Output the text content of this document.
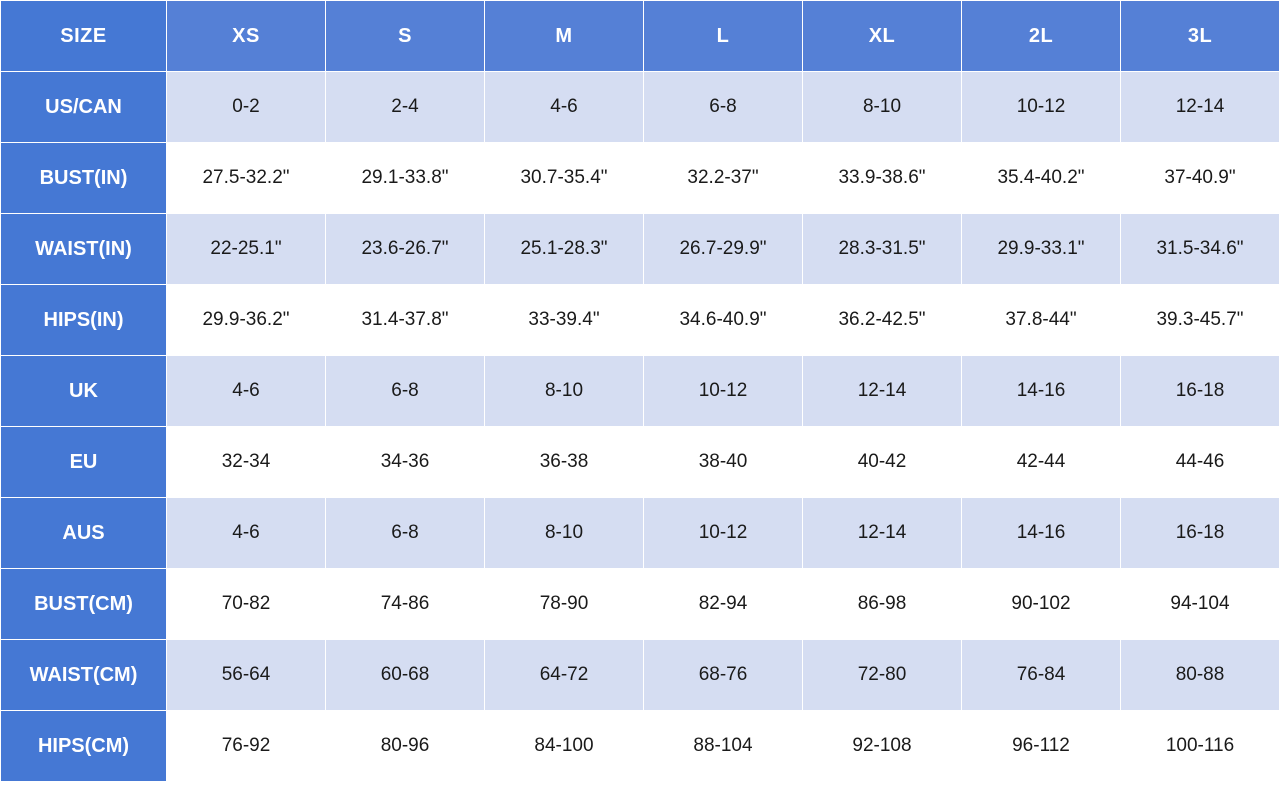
SIZE	XS	S	M	L	XL	2L	3L
US/CAN	0-2	2-4	4-6	6-8	8-10	10-12	12-14
BUST(IN)	27.5-32.2"	29.1-33.8"	30.7-35.4"	32.2-37"	33.9-38.6"	35.4-40.2"	37-40.9"
WAIST(IN)	22-25.1"	23.6-26.7"	25.1-28.3"	26.7-29.9"	28.3-31.5"	29.9-33.1"	31.5-34.6"
HIPS(IN)	29.9-36.2"	31.4-37.8"	33-39.4"	34.6-40.9"	36.2-42.5"	37.8-44"	39.3-45.7"
UK	4-6	6-8	8-10	10-12	12-14	14-16	16-18
EU	32-34	34-36	36-38	38-40	40-42	42-44	44-46
AUS	4-6	6-8	8-10	10-12	12-14	14-16	16-18
BUST(CM)	70-82	74-86	78-90	82-94	86-98	90-102	94-104
WAIST(CM)	56-64	60-68	64-72	68-76	72-80	76-84	80-88
HIPS(CM)	76-92	80-96	84-100	88-104	92-108	96-112	100-116
